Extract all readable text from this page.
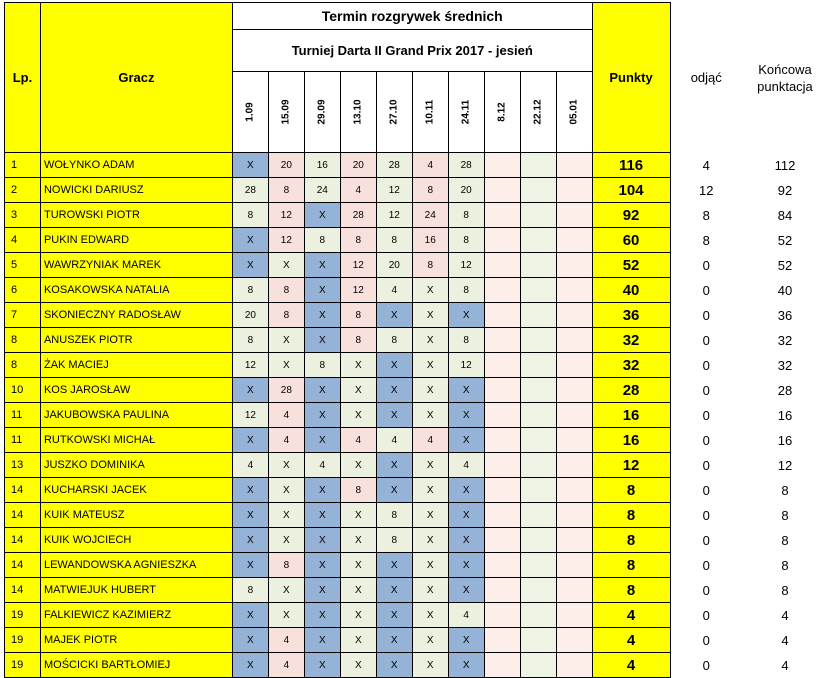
Lp.	Gracz	Termin rozgrywek średnich										Punkty	odjąć	Końcowa punktacja
		Turniej Darta II Grand Prix 2017 - jesień												

		1.09	15.09	29.09	13.10	27.10	10.11	24.11	8.12	22.12	05.01			

1	WOŁYNKO ADAM	X	20	16	20	28	4	28				116	4	112
2	NOWICKI DARIUSZ	28	8	24	4	12	8	20				104	12	92
3	TUROWSKI PIOTR	8	12	X	28	12	24	8				92	8	84
4	PUKIN EDWARD	X	12	8	8	8	16	8				60	8	52
5	WAWRZYNIAK MAREK	X	X	X	12	20	8	12				52	0	52
6	KOSAKOWSKA NATALIA	8	8	X	12	4	X	8				40	0	40
7	SKONIECZNY RADOSŁAW	20	8	X	8	X	X	X				36	0	36
8	ANUSZEK PIOTR	8	X	X	8	8	X	8				32	0	32
8	ŻAK MACIEJ	12	X	8	X	X	X	12				32	0	32
10	KOS JAROSŁAW	X	28	X	X	X	X	X				28	0	28
11	JAKUBOWSKA PAULINA	12	4	X	X	X	X	X				16	0	16
11	RUTKOWSKI MICHAŁ	X	4	X	4	4	4	X				16	0	16
13	JUSZKO DOMINIKA	4	X	4	X	X	X	4				12	0	12
14	KUCHARSKI JACEK	X	X	X	8	X	X	X				8	0	8
14	KUIK MATEUSZ	X	X	X	X	8	X	X				8	0	8
14	KUIK WOJCIECH	X	X	X	X	8	X	X				8	0	8
14	LEWANDOWSKA AGNIESZKA	X	8	X	X	X	X	X				8	0	8
14	MATWIEJUK HUBERT	8	X	X	X	X	X	X				8	0	8
19	FALKIEWICZ KAZIMIERZ	X	X	X	X	X	X	4				4	0	4
19	MAJEK PIOTR	X	4	X	X	X	X	X				4	0	4
19	MOŚCICKI BARTŁOMIEJ	X	4	X	X	X	X	X				4	0	4
